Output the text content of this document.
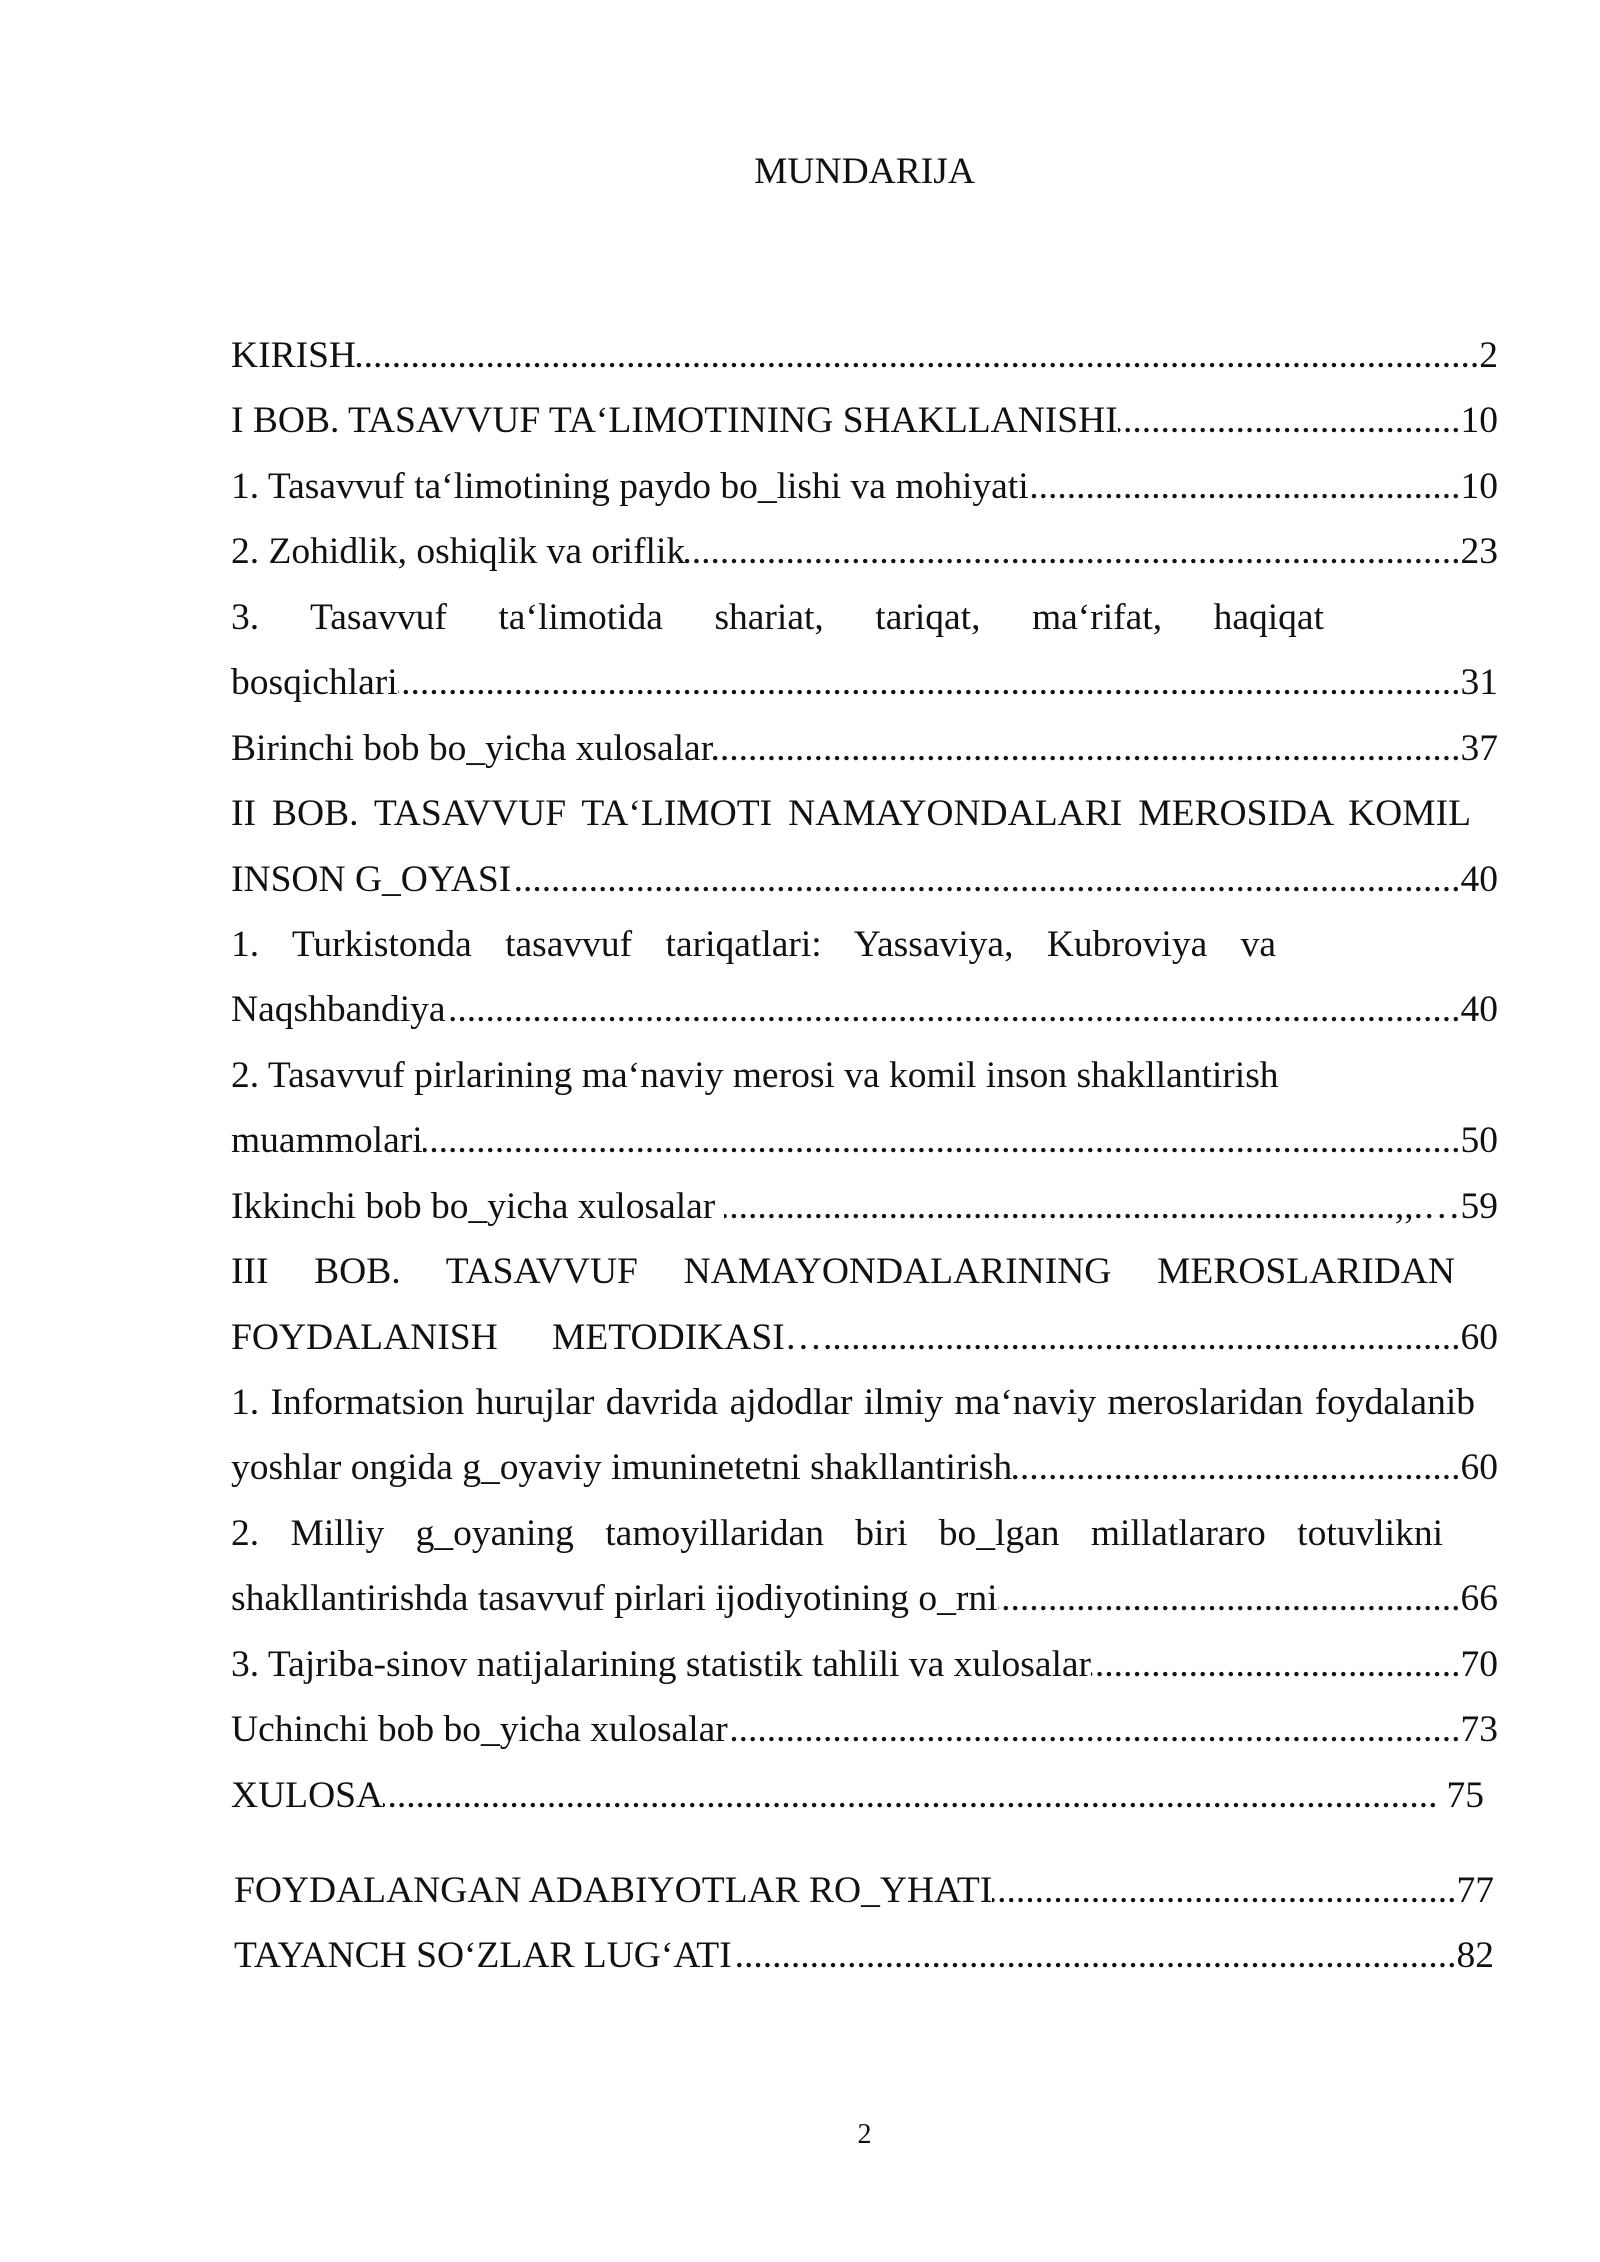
MUNDARIJA
KIRISH .....	2
I BOB. TASAVVUF TA‘LIMOTINING SHAKLLANISHI .....	10
1. Tasavvuf ta‘limotining paydo bo_lishi va mohiyati .....	10
2. Zohidlik, oshiqlik va oriflik .....	23
3. Tasavvuf ta‘limotida shariat, tariqat, ma‘rifat, haqiqat
bosqichlari .....	31
Birinchi bob bo_yicha xulosalar .....	37
II BOB. TASAVVUF TA‘LIMOTI NAMAYONDALARI MEROSIDA KOMIL
INSON G_OYASI .....	40
1. Turkistonda tasavvuf tariqatlari: Yassaviya, Kubroviya va
Naqshbandiya .....	40
2. Tasavvuf pirlarining ma‘naviy merosi va komil inson shakllantirish
muammolari .....	50
Ikkinchi bob bo_yicha xulosalar .....	,,.… 59
III BOB. TASAVVUF NAMAYONDALARINING MEROSLARIDAN
FOYDALANISH METODIKASI… .....	60
1. Informatsion hurujlar davrida ajdodlar ilmiy ma‘naviy meroslaridan foydalanib
yoshlar ongida g_oyaviy imuninetetni shakllantirish .....	60
2. Milliy g_oyaning tamoyillaridan biri bo_lgan millatlararo totuvlikni
shakllantirishda tasavvuf pirlari ijodiyotining o_rni .....	66
3. Tajriba-sinov natijalarining statistik tahlili va xulosalar .....	70
Uchinchi bob bo_yicha xulosalar .....	73
XULOSA .....	75
FOYDALANGAN ADABIYOTLAR RO_YHATI .....	77
TAYANCH SO‘ZLAR LUG‘ATI .....	82
2
